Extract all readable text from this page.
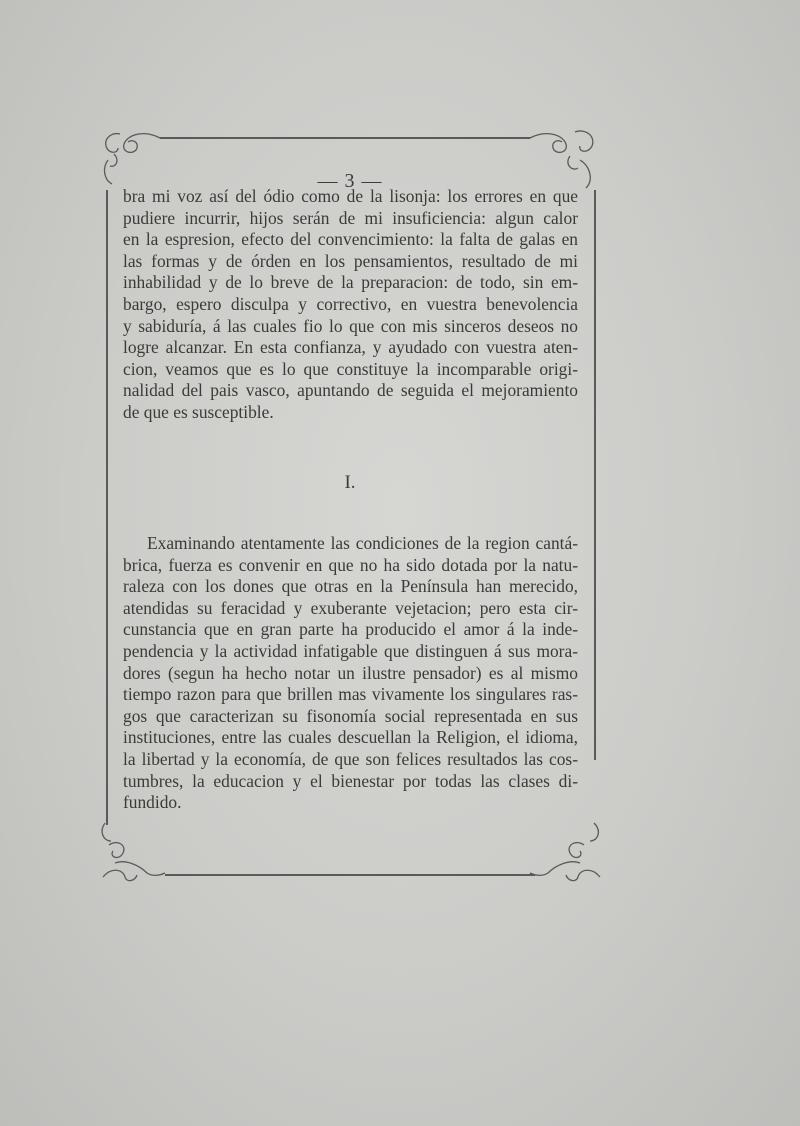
— 3 —
bra mi voz así del ódio como de la lisonja: los errores en que
pudiere incurrir, hijos serán de mi insuficiencia: algun calor
en la espresion, efecto del convencimiento: la falta de galas en
las formas y de órden en los pensamientos, resultado de mi
inhabilidad y de lo breve de la preparacion: de todo, sin em-
bargo, espero disculpa y correctivo, en vuestra benevolencia
y sabiduría, á las cuales fio lo que con mis sinceros deseos no
logre alcanzar. En esta confianza, y ayudado con vuestra aten-
cion, veamos que es lo que constituye la incomparable origi-
nalidad del pais vasco, apuntando de seguida el mejoramiento
de que es susceptible.
I.
Examinando atentamente las condiciones de la region cantá-
brica, fuerza es convenir en que no ha sido dotada por la natu-
raleza con los dones que otras en la Península han merecido,
atendidas su feracidad y exuberante vejetacion; pero esta cir-
cunstancia que en gran parte ha producido el amor á la inde-
pendencia y la actividad infatigable que distinguen á sus mora-
dores (segun ha hecho notar un ilustre pensador) es al mismo
tiempo razon para que brillen mas vivamente los singulares ras-
gos que caracterizan su fisonomía social representada en sus
instituciones, entre las cuales descuellan la Religion, el idioma,
la libertad y la economía, de que son felices resultados las cos-
tumbres, la educacion y el bienestar por todas las clases di-
fundido.
